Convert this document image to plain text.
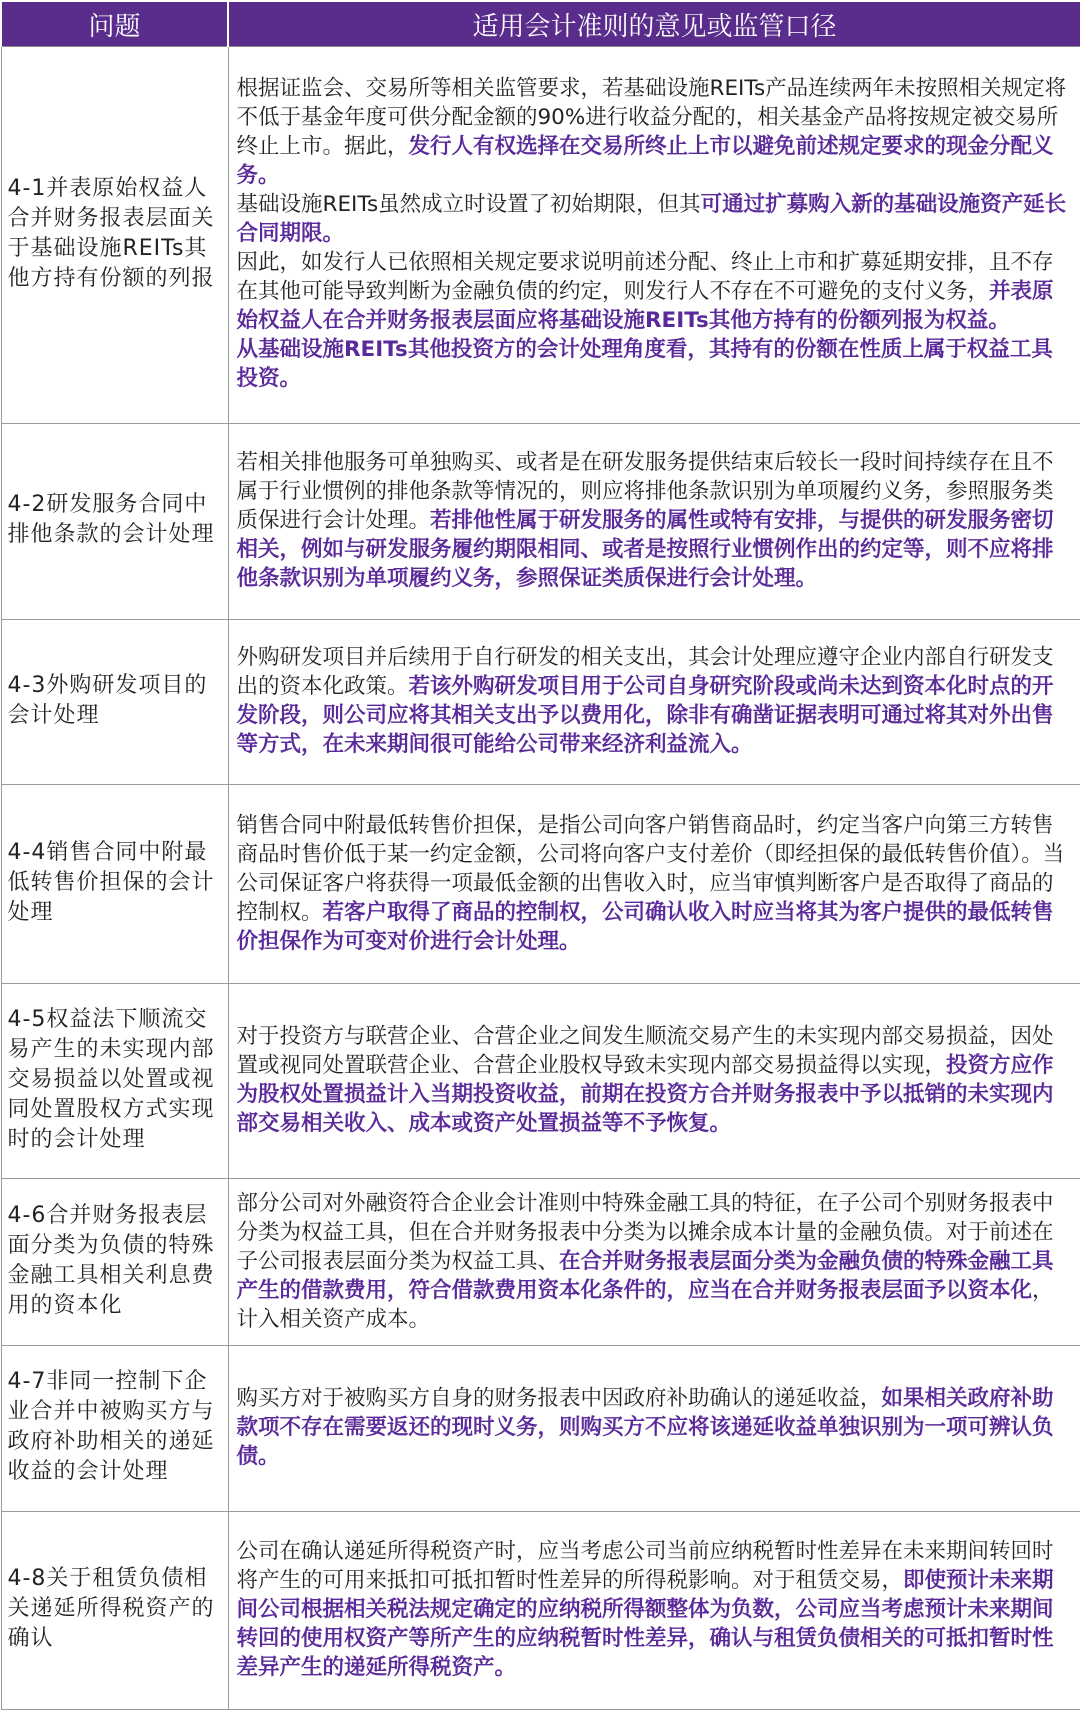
问题	适用会计准则的意见或监管口径
4-1并表原始权益人合并财务报表层面关于基础设施REITs其他方持有份额的列报	根据证监会、交易所等相关监管要求，若基础设施REITs产品连续两年未按照相关规定将不低于基金年度可供分配金额的90%进行收益分配的，相关基金产品将按规定被交易所终止上市。据此，发行人有权选择在交易所终止上市以避免前述规定要求的现金分配义务。
基础设施REITs虽然成立时设置了初始期限，但其可通过扩募购入新的基础设施资产延长合同期限。
因此，如发行人已依照相关规定要求说明前述分配、终止上市和扩募延期安排，且不存在其他可能导致判断为金融负债的约定，则发行人不存在不可避免的支付义务，并表原始权益人在合并财务报表层面应将基础设施REITs其他方持有的份额列报为权益。
从基础设施REITs其他投资方的会计处理角度看，其持有的份额在性质上属于权益工具投资。

4-2研发服务合同中排他条款的会计处理	若相关排他服务可单独购买、或者是在研发服务提供结束后较长一段时间持续存在且不属于行业惯例的排他条款等情况的，则应将排他条款识别为单项履约义务，参照服务类质保进行会计处理。若排他性属于研发服务的属性或特有安排，与提供的研发服务密切相关，例如与研发服务履约期限相同、或者是按照行业惯例作出的约定等，则不应将排他条款识别为单项履约义务，参照保证类质保进行会计处理。

4-3外购研发项目的会计处理	外购研发项目并后续用于自行研发的相关支出，其会计处理应遵守企业内部自行研发支出的资本化政策。若该外购研发项目用于公司自身研究阶段或尚未达到资本化时点的开发阶段，则公司应将其相关支出予以费用化，除非有确凿证据表明可通过将其对外出售等方式，在未来期间很可能给公司带来经济利益流入。

4-4销售合同中附最低转售价担保的会计处理	销售合同中附最低转售价担保，是指公司向客户销售商品时，约定当客户向第三方转售商品时售价低于某一约定金额，公司将向客户支付差价（即经担保的最低转售价值）。当公司保证客户将获得一项最低金额的出售收入时，应当审慎判断客户是否取得了商品的控制权。若客户取得了商品的控制权，公司确认收入时应当将其为客户提供的最低转售价担保作为可变对价进行会计处理。

4-5权益法下顺流交易产生的未实现内部交易损益以处置或视同处置股权方式实现时的会计处理	对于投资方与联营企业、合营企业之间发生顺流交易产生的未实现内部交易损益，因处置或视同处置联营企业、合营企业股权导致未实现内部交易损益得以实现，投资方应作为股权处置损益计入当期投资收益，前期在投资方合并财务报表中予以抵销的未实现内部交易相关收入、成本或资产处置损益等不予恢复。

4-6合并财务报表层面分类为负债的特殊金融工具相关利息费用的资本化	部分公司对外融资符合企业会计准则中特殊金融工具的特征，在子公司个别财务报表中分类为权益工具，但在合并财务报表中分类为以摊余成本计量的金融负债。对于前述在子公司报表层面分类为权益工具、在合并财务报表层面分类为金融负债的特殊金融工具产生的借款费用，符合借款费用资本化条件的，应当在合并财务报表层面予以资本化，计入相关资产成本。

4-7非同一控制下企业合并中被购买方与政府补助相关的递延收益的会计处理	购买方对于被购买方自身的财务报表中因政府补助确认的递延收益，如果相关政府补助款项不存在需要返还的现时义务，则购买方不应将该递延收益单独识别为一项可辨认负债。

4-8关于租赁负债相关递延所得税资产的确认	公司在确认递延所得税资产时，应当考虑公司当前应纳税暂时性差异在未来期间转回时将产生的可用来抵扣可抵扣暂时性差异的所得税影响。对于租赁交易，即使预计未来期间公司根据相关税法规定确定的应纳税所得额整体为负数，公司应当考虑预计未来期间转回的使用权资产等所产生的应纳税暂时性差异，确认与租赁负债相关的可抵扣暂时性差异产生的递延所得税资产。
